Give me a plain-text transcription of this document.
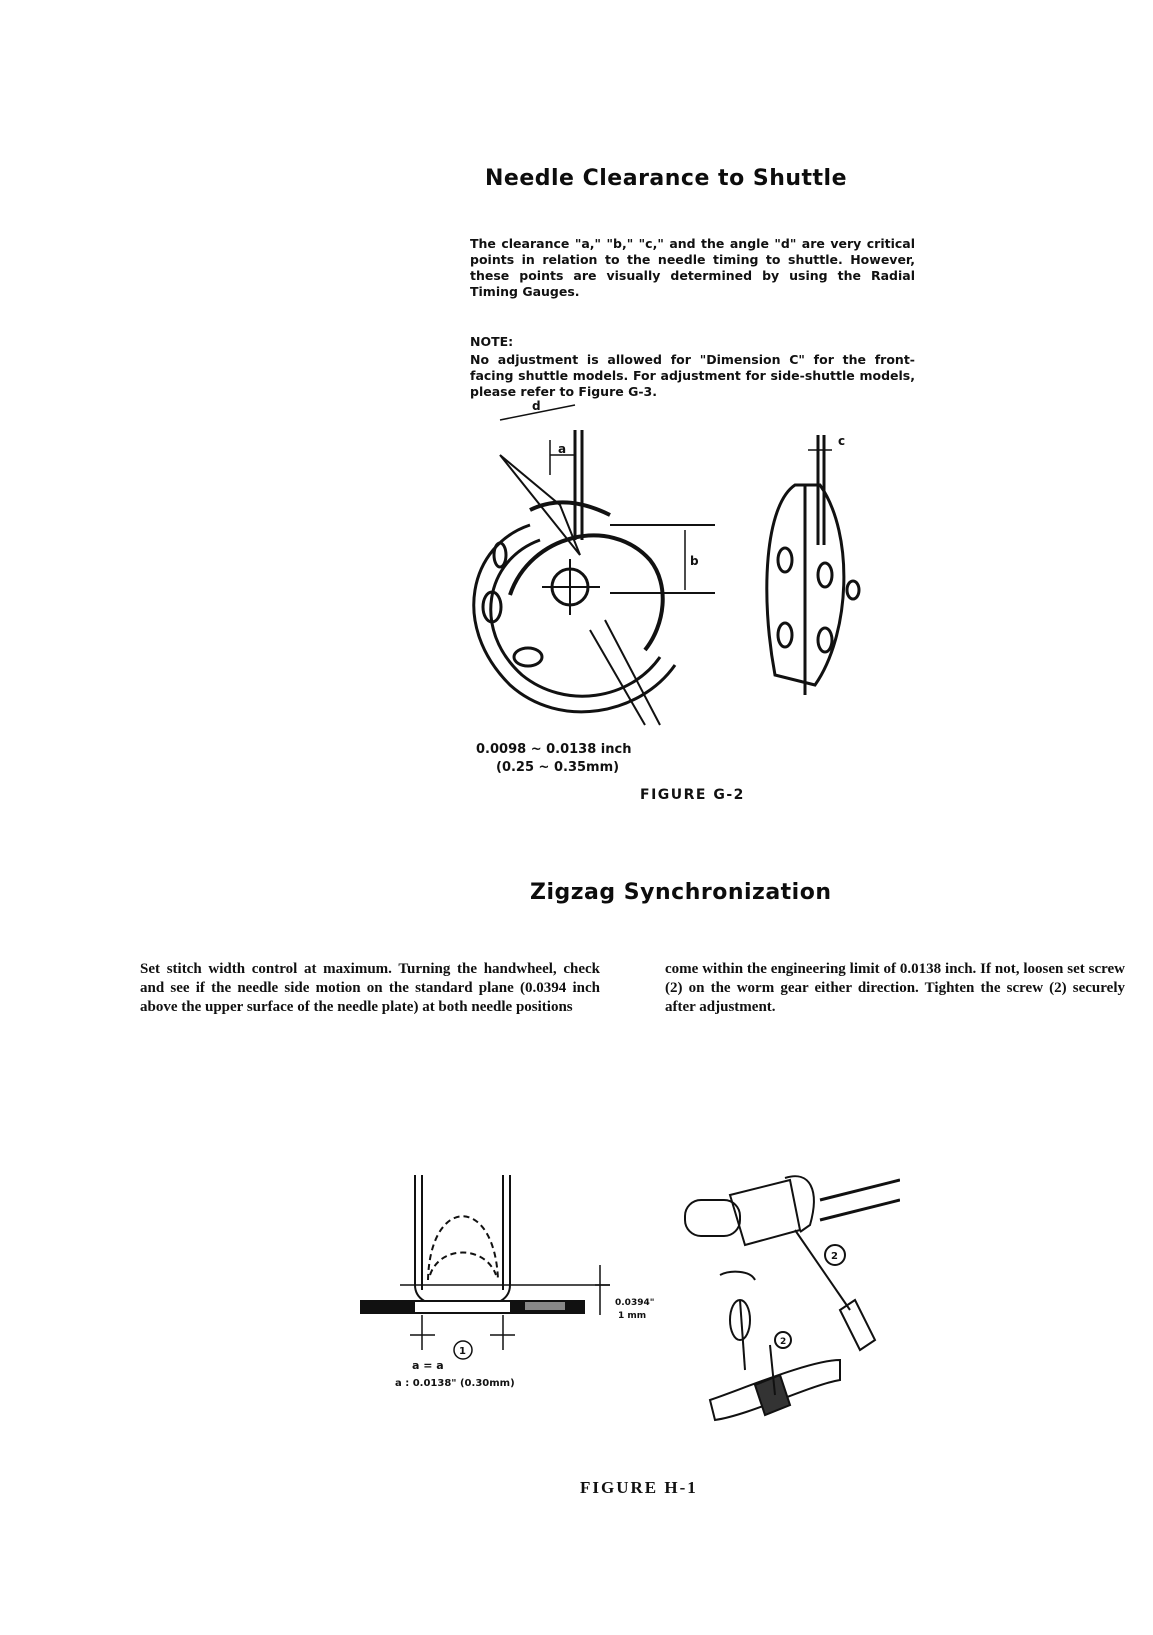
Needle Clearance to Shuttle

The clearance "a," "b," "c," and the angle "d" are very critical points in relation to the needle timing to shuttle. However, these points are visually determined by using the Radial Timing Gauges.

NOTE:

No adjustment is allowed for "Dimension C" for the front-facing shuttle models. For adjustment for side-shuttle models, please refer to Figure G-3.

a
b
c
d
0.0098 ~ 0.0138 inch
(0.25 ~ 0.35mm)
FIGURE G-2
Zigzag Synchronization

Set stitch width control at maximum. Turning the handwheel, check and see if the needle side motion on the standard plane (0.0394 inch above the upper surface of the needle plate) at both needle positions

come within the engineering limit of 0.0138 inch. If not, loosen set screw (2) on the worm gear either direction. Tighten the screw (2) securely after adjustment.

0.0394"
1 mm
1
a = a
a : 0.0138" (0.30mm)
2
2
FIGURE H-1
